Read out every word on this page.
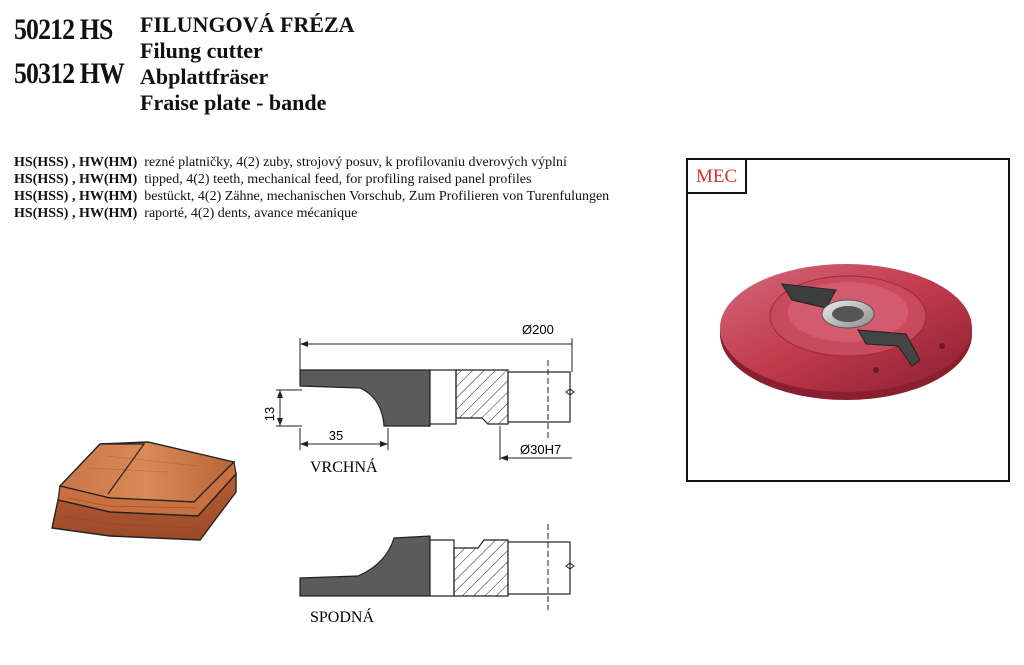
50212 HS
50312 HW
FILUNGOVÁ FRÉZA
Filung cutter
Abplattfräser
Fraise plate - bande

HS(HSS) , HW(HM) rezné platničky, 4(2) zuby, strojový posuv, k profilovaniu dverových výplní

HS(HSS) , HW(HM) tipped, 4(2) teeth, mechanical feed, for profiling raised panel profiles

HS(HSS) , HW(HM) bestückt, 4(2) Zähne, mechanischen Vorschub, Zum Profilieren von Turenfulungen

HS(HSS) , HW(HM) raporté, 4(2) dents, avance mécanique

Ø200
13
35
Ø30H7
VRCHNÁ
SPODNÁ
MEC
